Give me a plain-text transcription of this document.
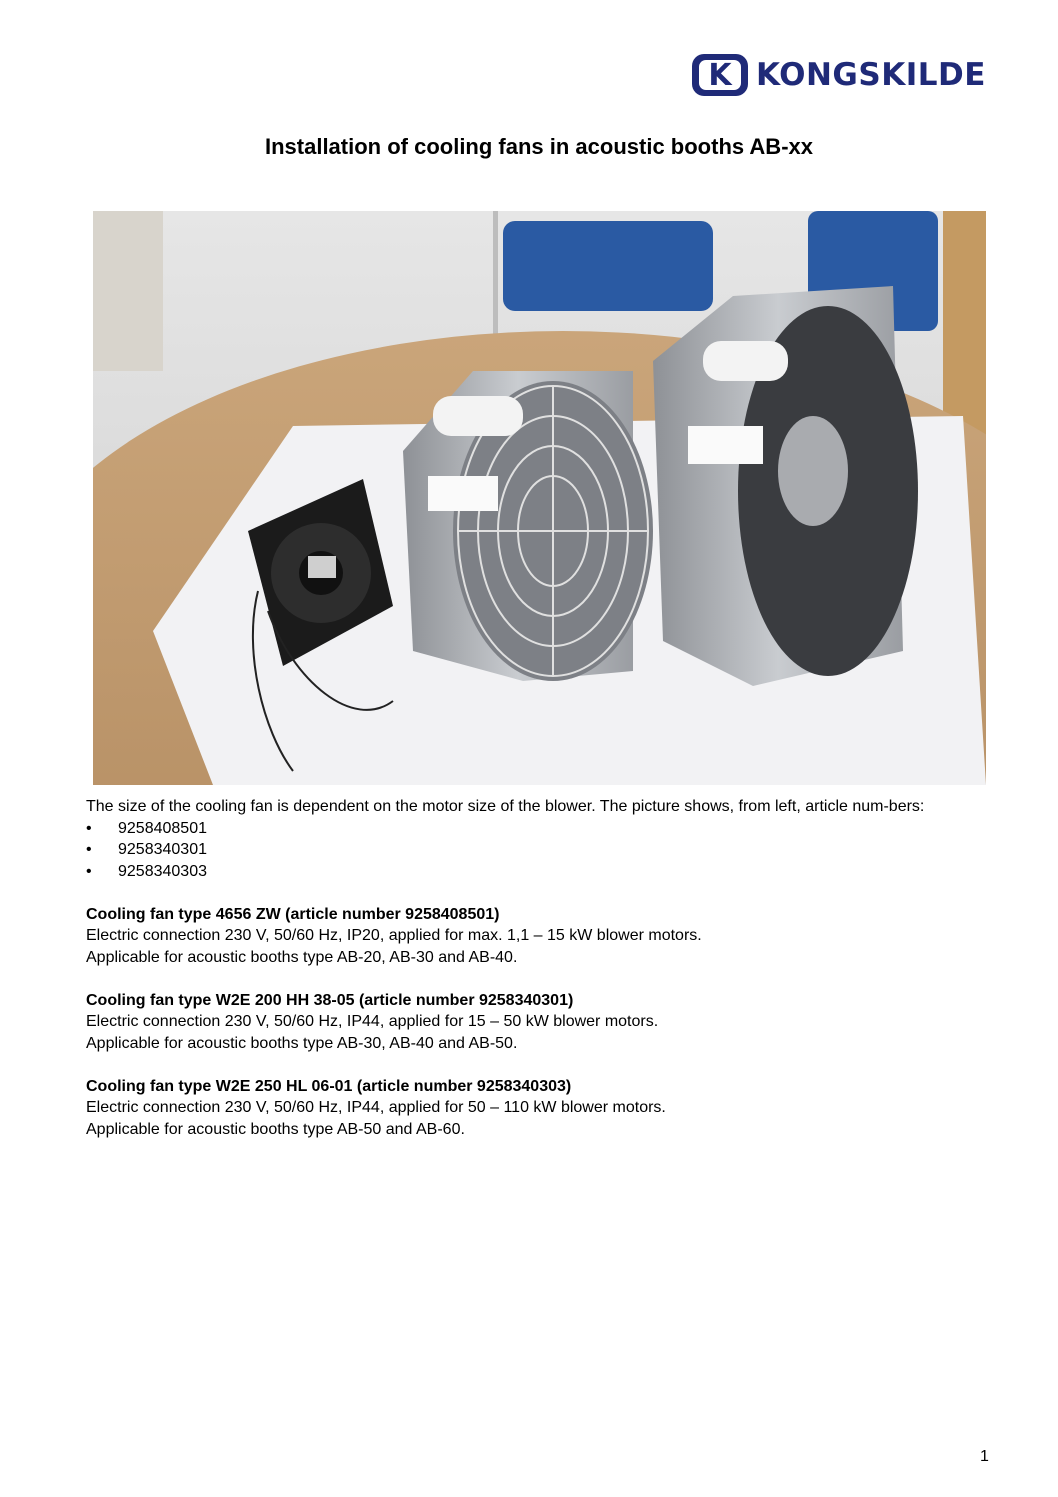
K KONGSKILDE
Installation of cooling fans in acoustic booths AB-xx

The size of the cooling fan is dependent on the motor size of the blower. The picture shows, from left, article num-bers:

• 9258408501
• 9258340301
• 9258340303
Cooling fan type 4656 ZW (article number 9258408501)

Electric connection 230 V, 50/60 Hz, IP20, applied for max. 1,1 – 15 kW blower motors.

Applicable for acoustic booths type AB-20, AB-30 and AB-40.

Cooling fan type W2E 200 HH 38-05 (article number 9258340301)

Electric connection 230 V, 50/60 Hz, IP44, applied for 15 – 50 kW blower motors.

Applicable for acoustic booths type AB-30, AB-40 and AB-50.

Cooling fan type W2E 250 HL 06-01 (article number 9258340303)

Electric connection 230 V, 50/60 Hz, IP44, applied for 50 – 110 kW blower motors.

Applicable for acoustic booths type AB-50 and AB-60.

1
